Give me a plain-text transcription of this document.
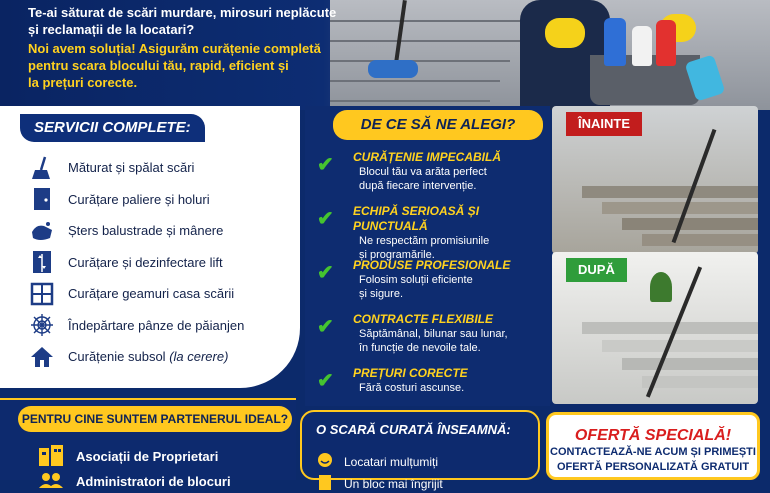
Te-ai săturat de scări murdare, mirosuri neplăcute
și reclamații de la locatari?
Noi avem soluția! Asigurăm curățenie completă
pentru scara blocului tău, rapid, eficient și
la prețuri corecte.
SERVICII COMPLETE:
Măturat și spălat scări
Curățare paliere și holuri
Șters balustrade și mânere
Curățare și dezinfectare lift
Curățare geamuri casa scării
Îndepărtare pânze de păianjen
Curățenie subsol (la cerere)
DE CE SĂ NE ALEGI?
✔ CURĂȚENIE IMPECABILĂ
Blocul tău va arăta perfect
după fiecare intervenție.
✔ ECHIPĂ SERIOASĂ ȘI PUNCTUALĂ
Ne respectăm promisiunile
și programările.
✔ PRODUSE PROFESIONALE
Folosim soluții eficiente
și sigure.
✔ CONTRACTE FLEXIBILE
Săptămânal, bilunar sau lunar,
în funcție de nevoile tale.
✔ PREȚURI CORECTE
Fără costuri ascunse.
ÎNAINTE
DUPĂ
PENTRU CINE SUNTEM PARTENERUL IDEAL?
Asociații de Proprietari
Administratori de blocuri
O SCARĂ CURATĂ ÎNSEAMNĂ:
Locatari mulțumiți
Un bloc mai îngrijit
OFERTĂ SPECIALĂ!
CONTACTEAZĂ-NE ACUM ȘI PRIMEȘTI
OFERTĂ PERSONALIZATĂ GRATUIT
